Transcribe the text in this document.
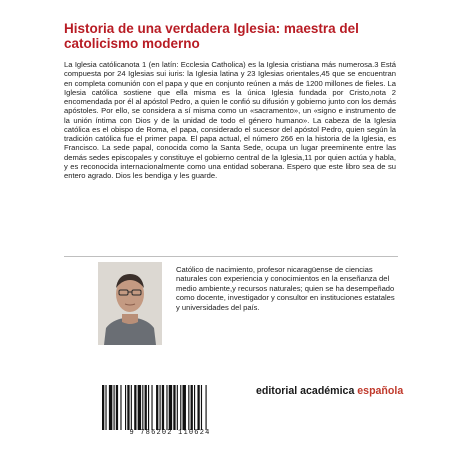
Historia de una verdadera Iglesia: maestra del catolicismo moderno

La Iglesia católicanota 1 (en latín: Ecclesia Catholica) es la Iglesia cristiana más numerosa.3 Está compuesta por 24 Iglesias sui iuris: la Iglesia latina y 23 Iglesias orientales,45 que se encuentran en completa comunión con el papa y que en conjunto reúnen a más de 1200 millones de fieles. La Iglesia católica sostiene que ella misma es la única Iglesia fundada por Cristo,nota 2 encomendada por él al apóstol Pedro, a quien le confió su difusión y gobierno junto con los demás apóstoles. Por ello, se considera a sí misma como un «sacramento», un «signo e instrumento de la unión íntima con Dios y de la unidad de todo el género humano». La cabeza de la Iglesia católica es el obispo de Roma, el papa, considerado el sucesor del apóstol Pedro, quien según la tradición católica fue el primer papa. El papa actual, el número 266 en la historia de la Iglesia, es Francisco. La sede papal, conocida como la Santa Sede, ocupa un lugar preeminente entre las demás sedes episcopales y constituye el gobierno central de la Iglesia,11 por quien actúa y habla, y es reconocida internacionalmente como una entidad soberana. Espero que este libro sea de su entero agrado. Dios les bendiga y les guarde.

Católico de nacimiento, profesor nicaragüense de ciencias naturales con experiencia y conocimientos en la enseñanza del medio ambiente,y recursos naturales; quien se ha desempeñado como docente, investigador y consultor en instituciones estatales y universidades del país.

9 786202 110624
editorial académica española
